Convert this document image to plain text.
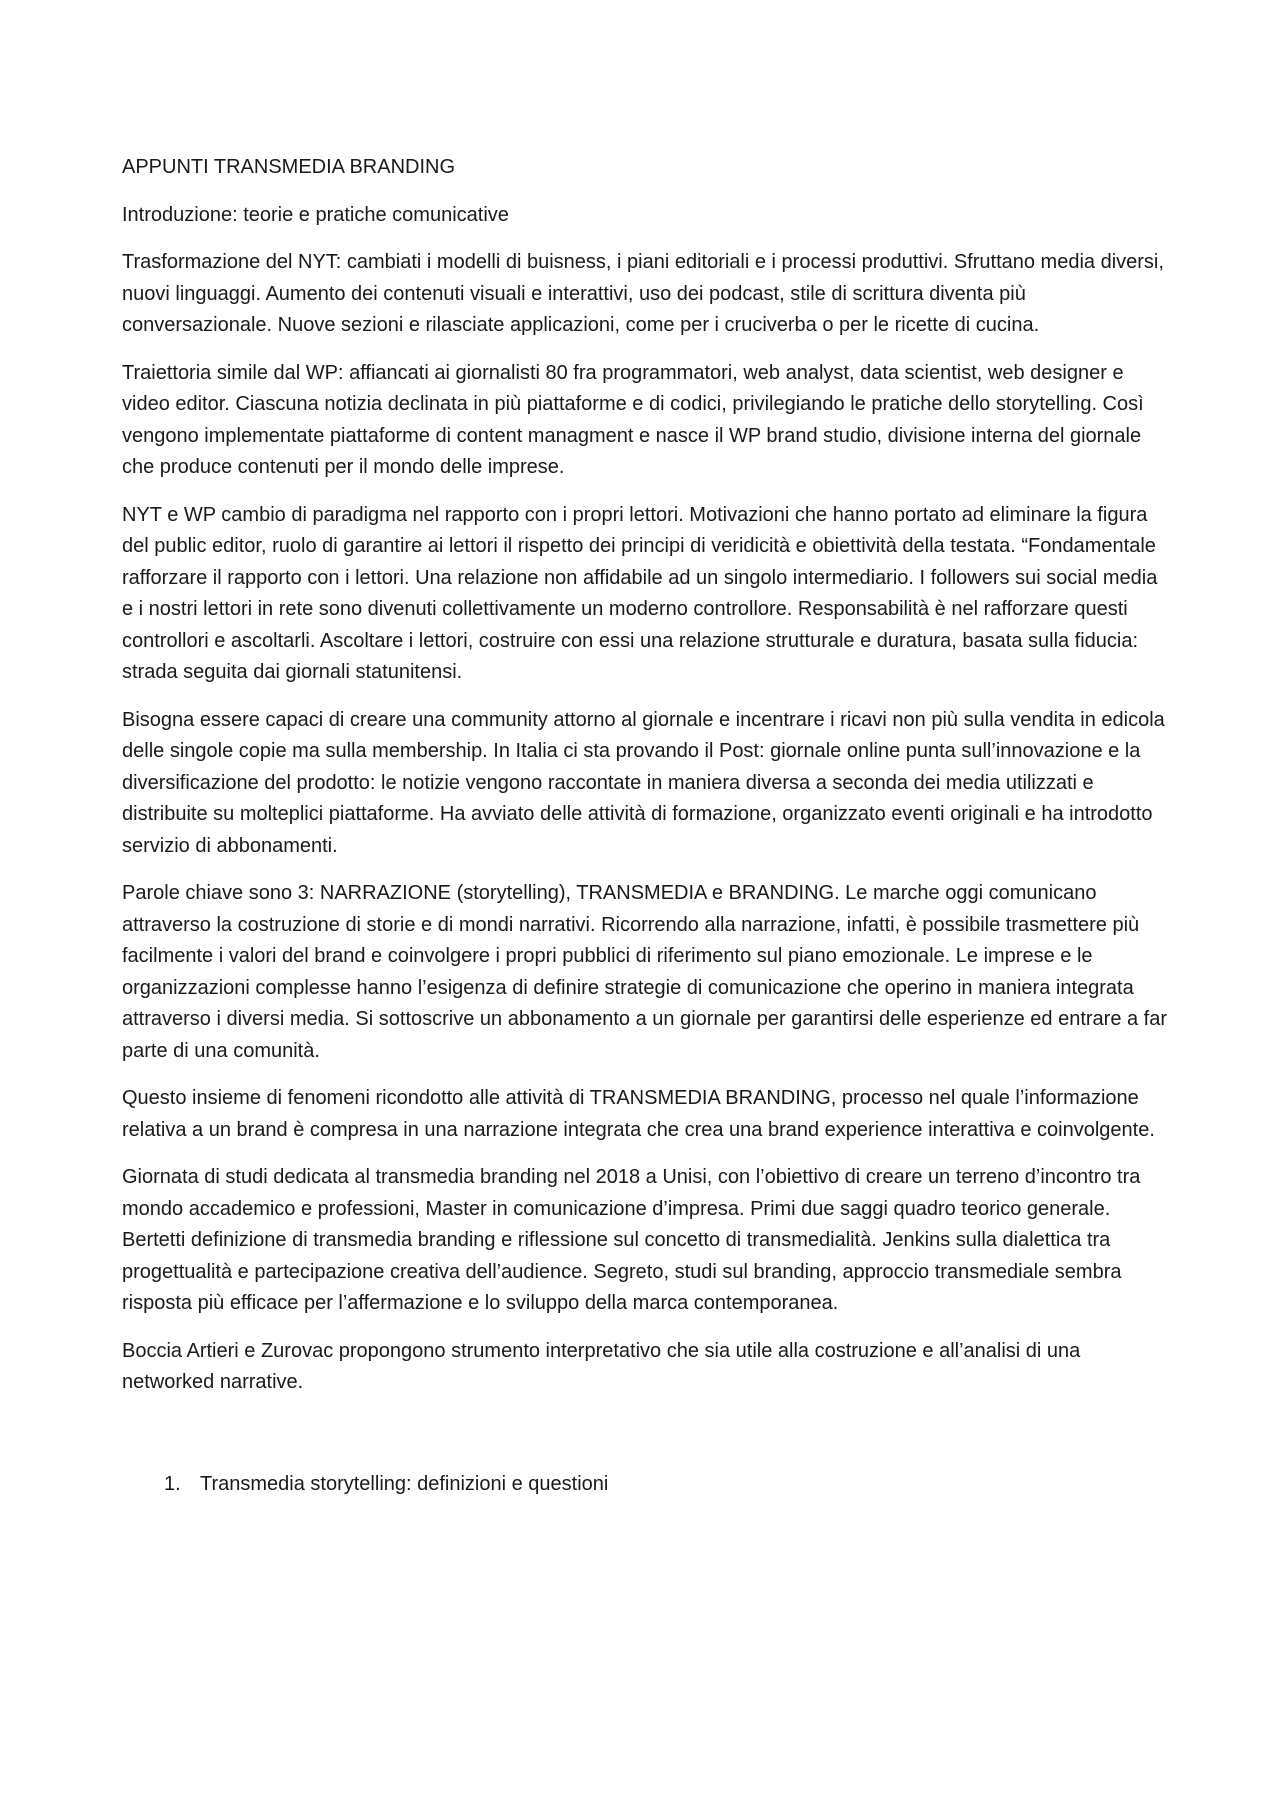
APPUNTI TRANSMEDIA BRANDING

Introduzione: teorie e pratiche comunicative

Trasformazione del NYT: cambiati i modelli di buisness, i piani editoriali e i processi produttivi. Sfruttano media diversi, nuovi linguaggi. Aumento dei contenuti visuali e interattivi, uso dei podcast, stile di scrittura diventa più conversazionale. Nuove sezioni e rilasciate applicazioni, come per i cruciverba o per le ricette di cucina.

Traiettoria simile dal WP: affiancati ai giornalisti 80 fra programmatori, web analyst, data scientist, web designer e video editor. Ciascuna notizia declinata in più piattaforme e di codici, privilegiando le pratiche dello storytelling. Così vengono implementate piattaforme di content managment e nasce il WP brand studio, divisione interna del giornale che produce contenuti per il mondo delle imprese.

NYT e WP cambio di paradigma nel rapporto con i propri lettori. Motivazioni che hanno portato ad eliminare la figura del public editor, ruolo di garantire ai lettori il rispetto dei principi di veridicità e obiettività della testata. “Fondamentale rafforzare il rapporto con i lettori. Una relazione non affidabile ad un singolo intermediario. I followers sui social media e i nostri lettori in rete sono divenuti collettivamente un moderno controllore. Responsabilità è nel rafforzare questi controllori e ascoltarli. Ascoltare i lettori, costruire con essi una relazione strutturale e duratura, basata sulla fiducia: strada seguita dai giornali statunitensi.

Bisogna essere capaci di creare una community attorno al giornale e incentrare i ricavi non più sulla vendita in edicola delle singole copie ma sulla membership. In Italia ci sta provando il Post: giornale online punta sull’innovazione e la diversificazione del prodotto: le notizie vengono raccontate in maniera diversa a seconda dei media utilizzati e distribuite su molteplici piattaforme. Ha avviato delle attività di formazione, organizzato eventi originali e ha introdotto servizio di abbonamenti.

Parole chiave sono 3: NARRAZIONE (storytelling), TRANSMEDIA e BRANDING. Le marche oggi comunicano attraverso la costruzione di storie e di mondi narrativi. Ricorrendo alla narrazione, infatti, è possibile trasmettere più facilmente i valori del brand e coinvolgere i propri pubblici di riferimento sul piano emozionale. Le imprese e le organizzazioni complesse hanno l’esigenza di definire strategie di comunicazione che operino in maniera integrata attraverso i diversi media. Si sottoscrive un abbonamento a un giornale per garantirsi delle esperienze ed entrare a far parte di una comunità.

Questo insieme di fenomeni ricondotto alle attività di TRANSMEDIA BRANDING, processo nel quale l’informazione relativa a un brand è compresa in una narrazione integrata che crea una brand experience interattiva e coinvolgente.

Giornata di studi dedicata al transmedia branding nel 2018 a Unisi, con l’obiettivo di creare un terreno d’incontro tra mondo accademico e professioni, Master in comunicazione d’impresa. Primi due saggi quadro teorico generale. Bertetti definizione di transmedia branding e riflessione sul concetto di transmedialità. Jenkins sulla dialettica tra progettualità e partecipazione creativa dell’audience. Segreto, studi sul branding, approccio transmediale sembra risposta più efficace per l’affermazione e lo sviluppo della marca contemporanea.

Boccia Artieri e Zurovac propongono strumento interpretativo che sia utile alla costruzione e all’analisi di una networked narrative.

1. Transmedia storytelling: definizioni e questioni
